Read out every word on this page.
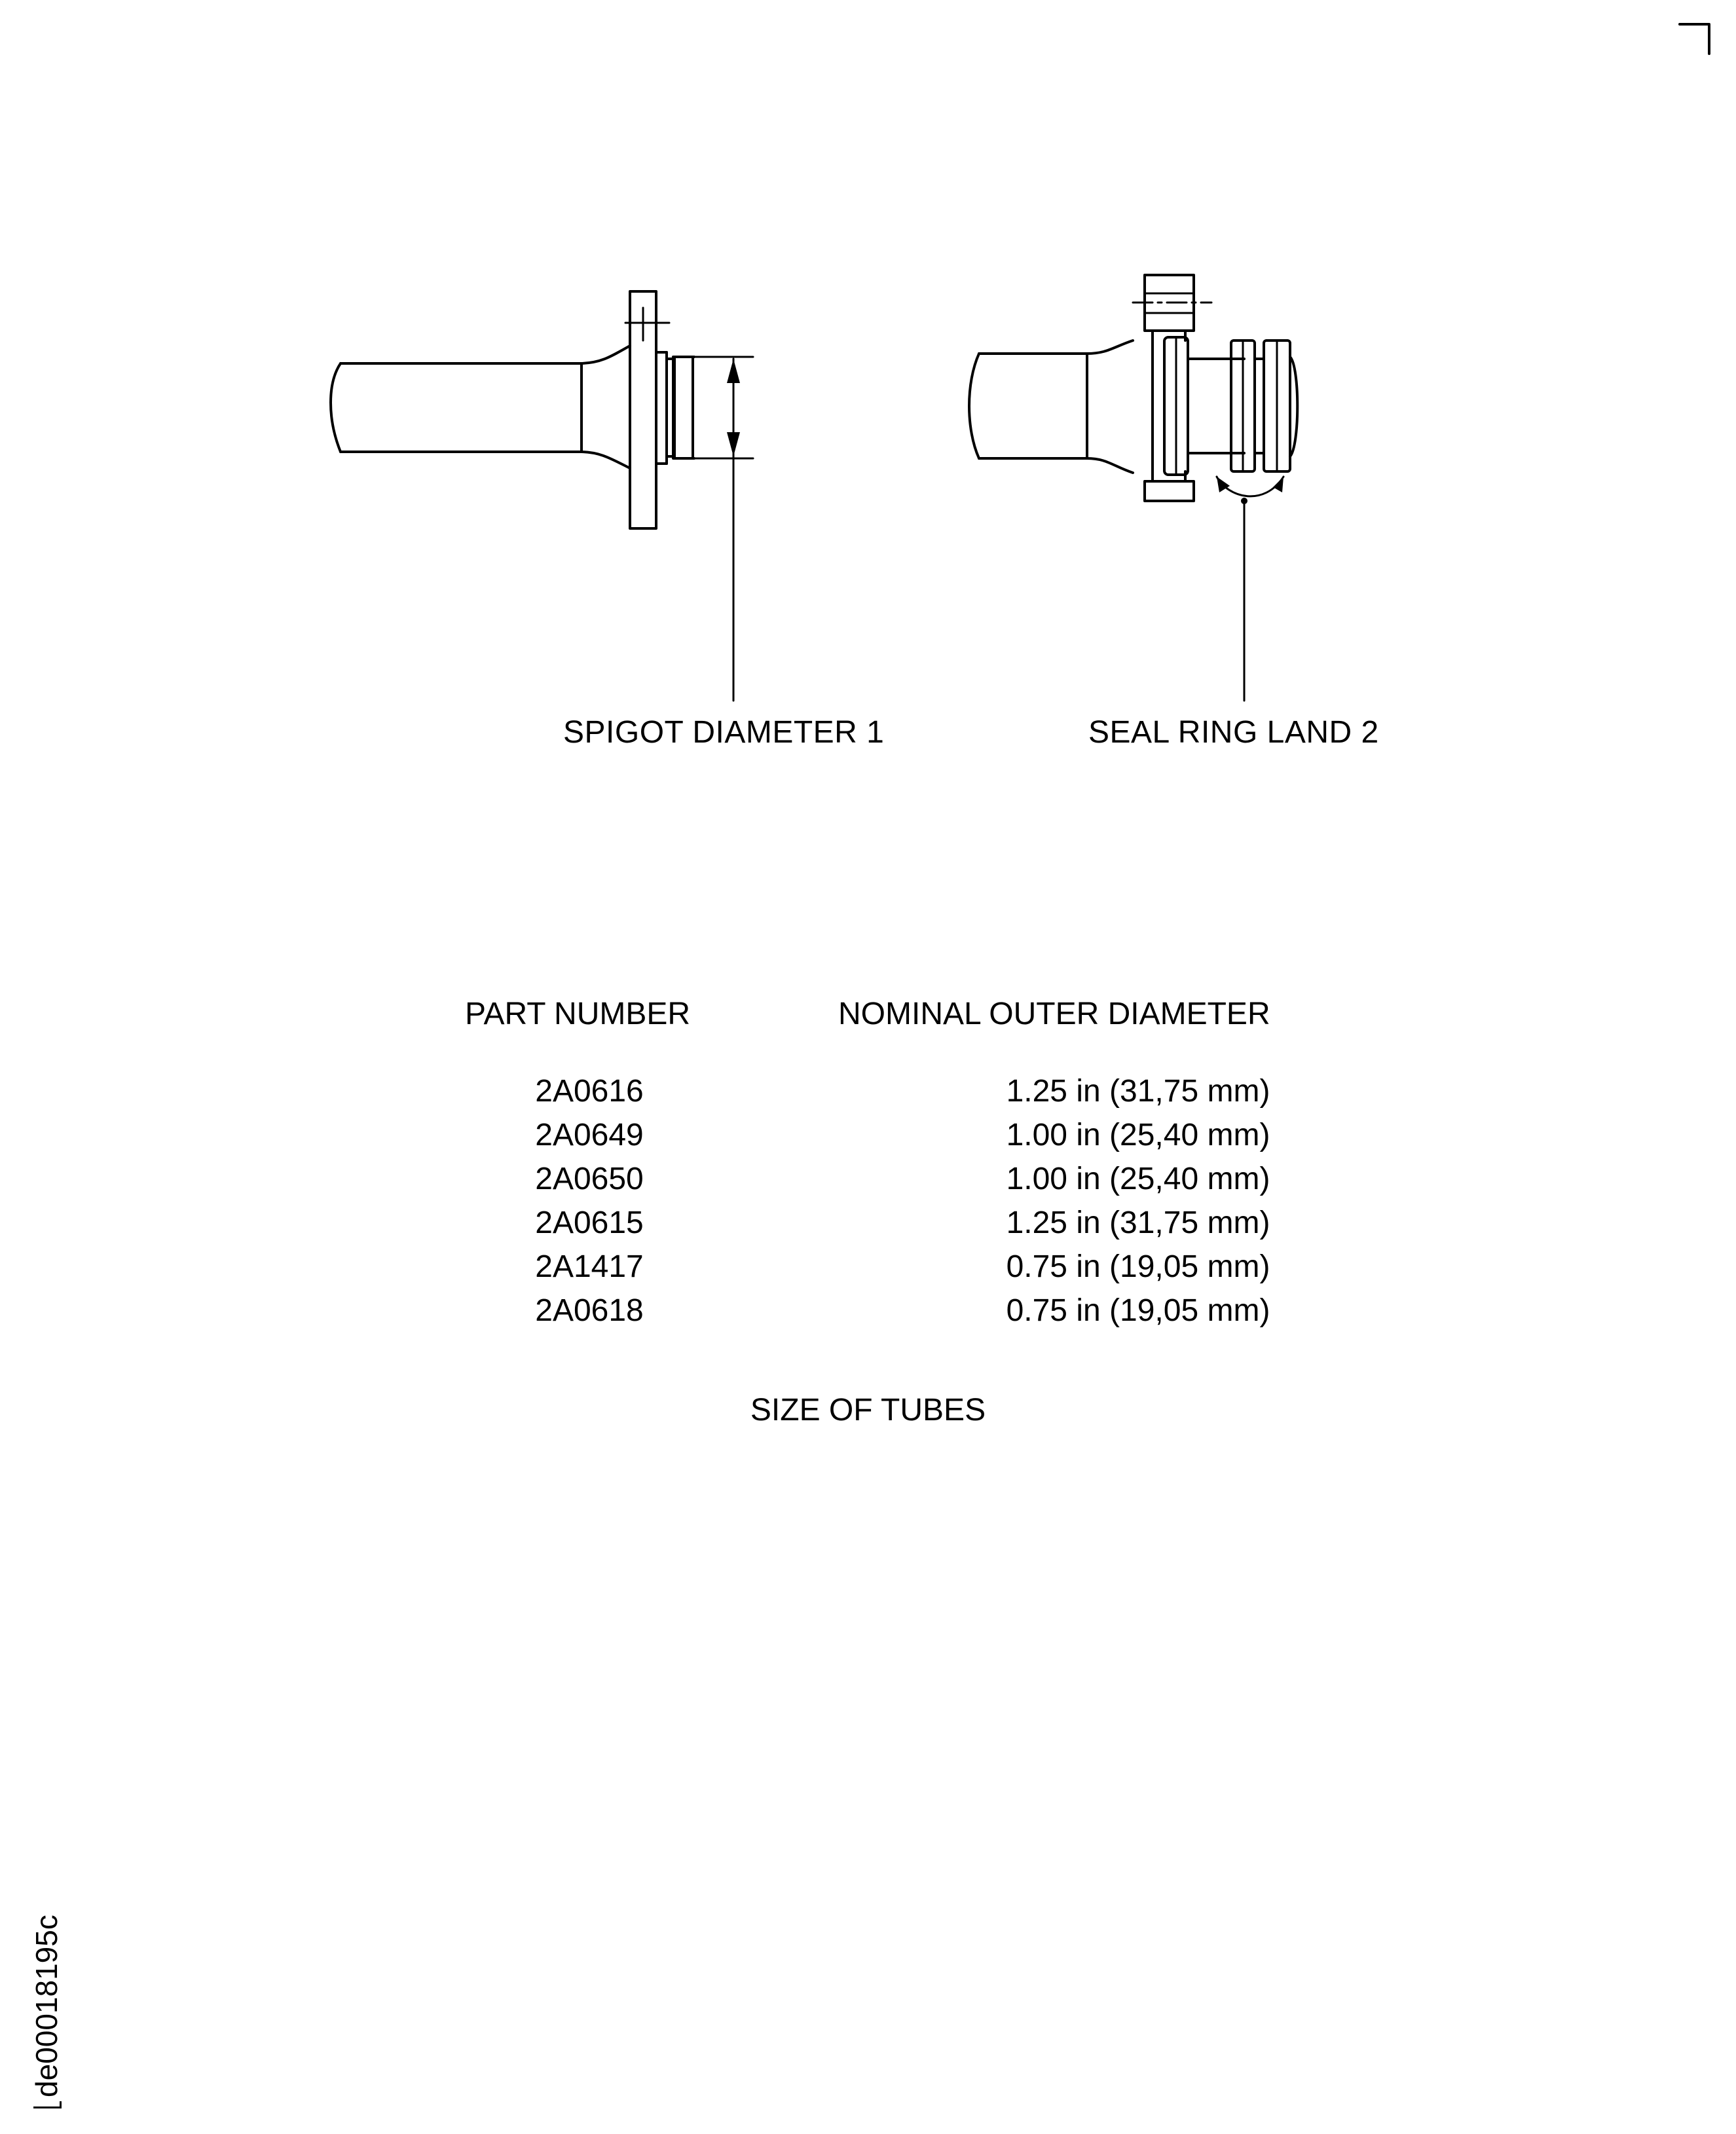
SPIGOT DIAMETER 1	SEAL RING LAND 2
PART NUMBER	NOMINAL OUTER DIAMETER
2A0616	1.25 in (31,75 mm)
2A0649	1.00 in (25,40 mm)
2A0650	1.00 in (25,40 mm)
2A0615	1.25 in (31,75 mm)
2A1417	0.75 in (19,05 mm)
2A0618	0.75 in (19,05 mm)
SIZE OF TUBES
de00018195c
